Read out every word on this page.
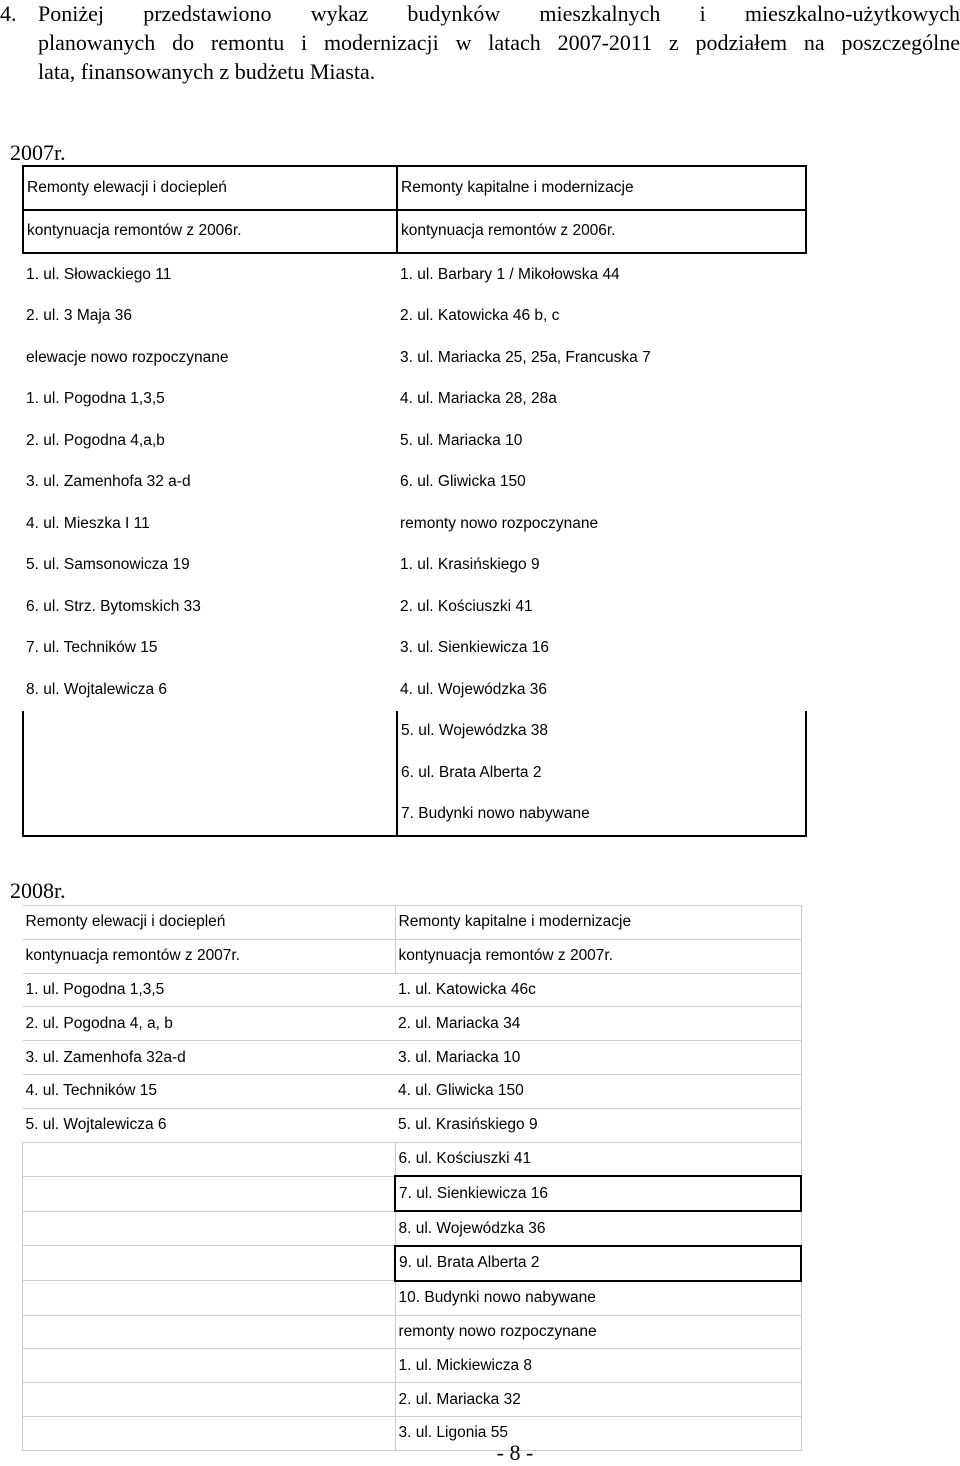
4. Poniżej przedstawiono wykaz budynków mieszkalnych i mieszkalno-użytkowych
planowanych do remontu i modernizacji w latach 2007-2011 z podziałem na poszczególne
lata, finansowanych z budżetu Miasta.
2007r.
Remonty elewacji i dociepleń	Remonty kapitalne i modernizacje
kontynuacja remontów z 2006r.	kontynuacja remontów z 2006r.
1. ul. Słowackiego 11	1. ul. Barbary 1 / Mikołowska 44
2. ul. 3 Maja 36	2. ul. Katowicka 46 b, c
elewacje nowo rozpoczynane	3. ul. Mariacka 25, 25a, Francuska 7
1. ul. Pogodna 1,3,5	4. ul. Mariacka 28, 28a
2. ul. Pogodna 4,a,b	5. ul. Mariacka 10
3. ul. Zamenhofa 32 a-d	6. ul. Gliwicka 150
4. ul. Mieszka I 11	remonty nowo rozpoczynane
5. ul. Samsonowicza 19	1. ul. Krasińskiego 9
6. ul. Strz. Bytomskich 33	2. ul. Kościuszki 41
7. ul. Techników 15	3. ul. Sienkiewicza 16
8. ul. Wojtalewicza 6	4. ul. Wojewódzka 36
	5. ul. Wojewódzka 38
	6. ul. Brata Alberta 2
	7. Budynki nowo nabywane
2008r.
Remonty elewacji i dociepleń	Remonty kapitalne i modernizacje
kontynuacja remontów z 2007r.	kontynuacja remontów z 2007r.
1. ul. Pogodna 1,3,5	1. ul. Katowicka 46c
2. ul. Pogodna 4, a, b	2. ul. Mariacka 34
3. ul. Zamenhofa 32a-d	3. ul. Mariacka 10
4. ul. Techników 15	4. ul. Gliwicka 150
5. ul. Wojtalewicza 6	5. ul. Krasińskiego 9
	6. ul. Kościuszki 41
	7. ul. Sienkiewicza 16
	8. ul. Wojewódzka 36
	9. ul. Brata Alberta 2
	10. Budynki nowo nabywane
	remonty nowo rozpoczynane
	1. ul. Mickiewicza 8
	2. ul. Mariacka 32
	3. ul. Ligonia 55
- 8 -
